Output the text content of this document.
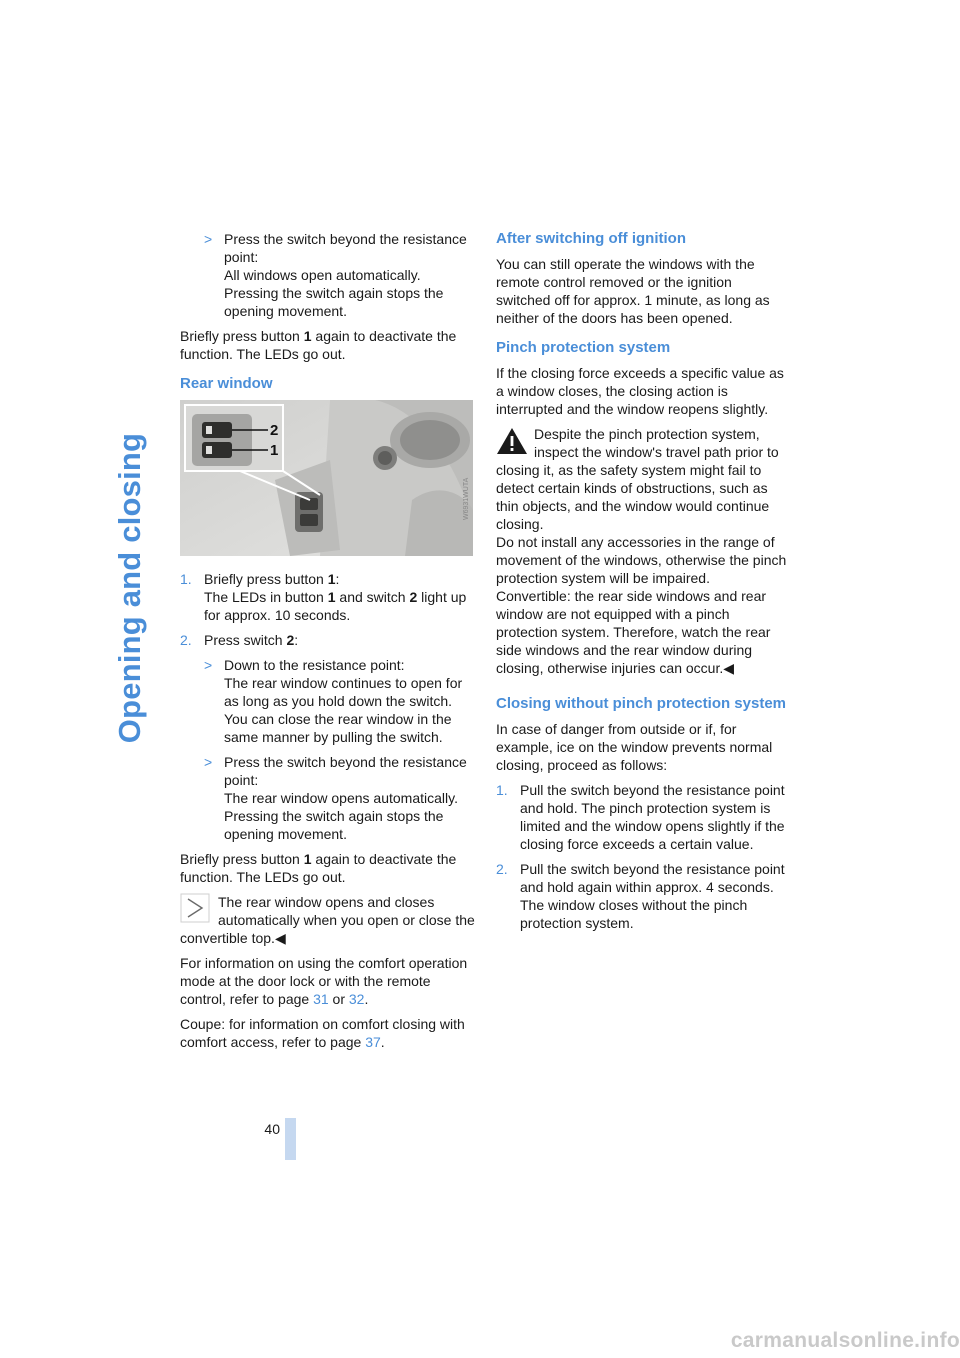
Opening and closing
> Press the switch beyond the resistance point:
All windows open automatically. Pressing the switch again stops the opening movement.

Briefly press button 1 again to deactivate the function. The LEDs go out.

Rear window
2
1
W6931WUTA
1. Briefly press button 1:
The LEDs in button 1 and switch 2 light up for approx. 10 seconds.
2. Press switch 2:
> Down to the resistance point:
The rear window continues to open for as long as you hold down the switch. You can close the rear window in the same manner by pulling the switch.
> Press the switch beyond the resistance point:
The rear window opens automatically. Pressing the switch again stops the opening movement.

Briefly press button 1 again to deactivate the function. The LEDs go out.

The rear window opens and closes automatically when you open or close the convertible top.◀

For information on using the comfort operation mode at the door lock or with the remote control, refer to page 31 or 32.

Coupe: for information on comfort closing with comfort access, refer to page 37.

After switching off ignition

You can still operate the windows with the remote control removed or the ignition switched off for approx. 1 minute, as long as neither of the doors has been opened.

Pinch protection system

If the closing force exceeds a specific value as a window closes, the closing action is interrupted and the window reopens slightly.

Despite the pinch protection system, inspect the window's travel path prior to closing it, as the safety system might fail to detect certain kinds of obstructions, such as thin objects, and the window would continue closing.
Do not install any accessories in the range of movement of the windows, otherwise the pinch protection system will be impaired.
Convertible: the rear side windows and rear window are not equipped with a pinch protection system. Therefore, watch the rear side windows and the rear window during closing, otherwise injuries can occur.◀
Closing without pinch protection system

In case of danger from outside or if, for example, ice on the window prevents normal closing, proceed as follows:

1. Pull the switch beyond the resistance point and hold. The pinch protection system is limited and the window opens slightly if the closing force exceeds a certain value.
2. Pull the switch beyond the resistance point and hold again within approx. 4 seconds. The window closes without the pinch protection system.
40
carmanualsonline.info
